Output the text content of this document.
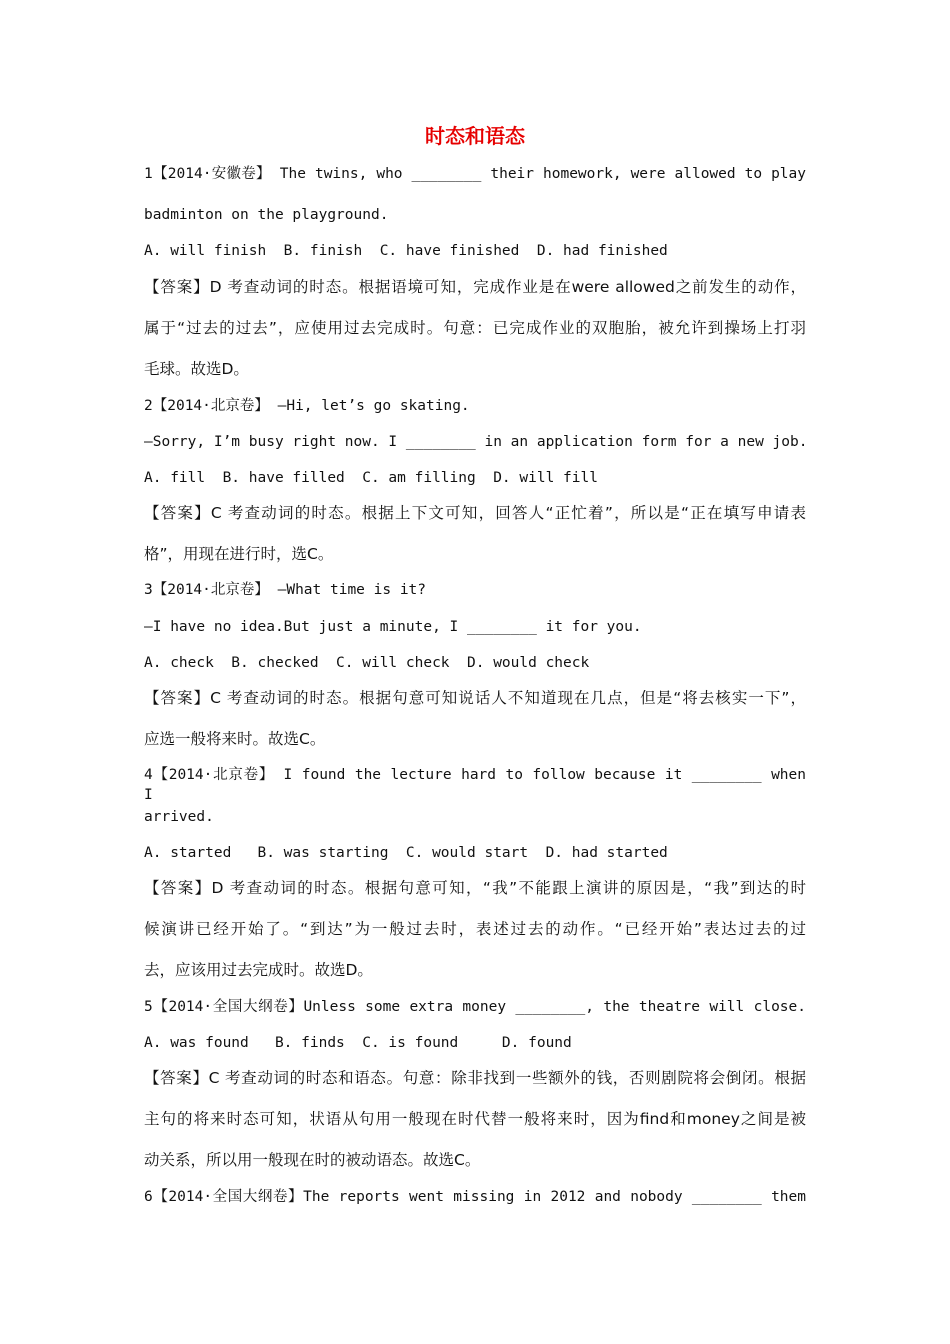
时态和语态
1【2014·安徽卷】 The twins, who ________ their homework, were allowed to play
badminton on the playground.
A. will finish  B. finish  C. have finished  D. had finished
【答案】D 考查动词的时态。根据语境可知，完成作业是在were allowed之前发生的动作，
属于“过去的过去”，应使用过去完成时。句意：已完成作业的双胞胎，被允许到操场上打羽
毛球。故选D。
2【2014·北京卷】 —Hi, let’s go skating.
—Sorry, I’m busy right now. I ________ in an application form for a new job.
A. fill  B. have filled  C. am filling  D. will fill
【答案】C 考查动词的时态。根据上下文可知，回答人“正忙着”，所以是“正在填写申请表
格”，用现在进行时，选C。
3【2014·北京卷】 —What time is it?
—I have no idea.But just a minute, I ________ it for you.
A. check  B. checked  C. will check  D. would check
【答案】C 考查动词的时态。根据句意可知说话人不知道现在几点，但是“将去核实一下”，
应选一般将来时。故选C。
4【2014·北京卷】 I found the lecture hard to follow because it ________ when I
arrived.
A. started   B. was starting  C. would start  D. had started
【答案】D 考查动词的时态。根据句意可知，“我”不能跟上演讲的原因是，“我”到达的时
候演讲已经开始了。“到达”为一般过去时，表述过去的动作。“已经开始”表达过去的过
去，应该用过去完成时。故选D。
5【2014·全国大纲卷】Unless some extra money ________, the theatre will close.
A. was found   B. finds  C. is found     D. found
【答案】C 考查动词的时态和语态。句意：除非找到一些额外的钱，否则剧院将会倒闭。根据
主句的将来时态可知，状语从句用一般现在时代替一般将来时，因为find和money之间是被
动关系，所以用一般现在时的被动语态。故选C。
6【2014·全国大纲卷】The reports went missing in 2012 and nobody ________ them
